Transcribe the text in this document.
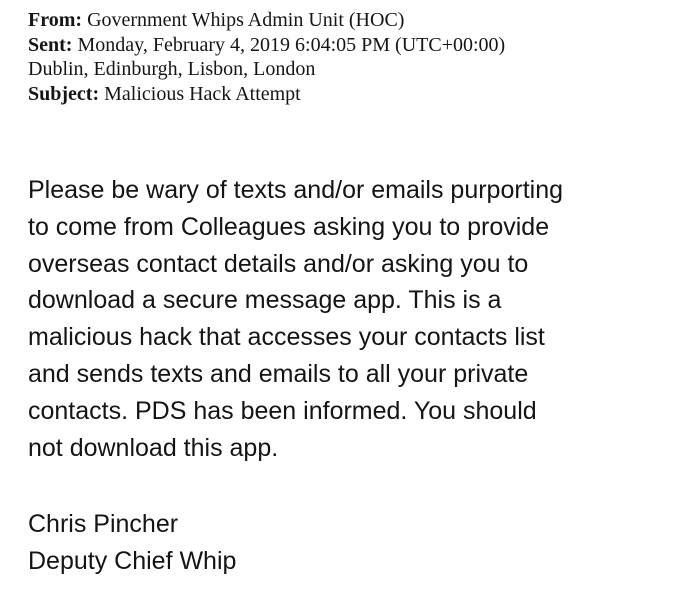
From: Government Whips Admin Unit (HOC)
Sent: Monday, February 4, 2019 6:04:05 PM (UTC+00:00)
Dublin, Edinburgh, Lisbon, London
Subject: Malicious Hack Attempt
Please be wary of texts and/or emails purporting
to come from Colleagues asking you to provide
overseas contact details and/or asking you to
download a secure message app. This is a
malicious hack that accesses your contacts list
and sends texts and emails to all your private
contacts. PDS has been informed. You should
not download this app.
Chris Pincher
Deputy Chief Whip
